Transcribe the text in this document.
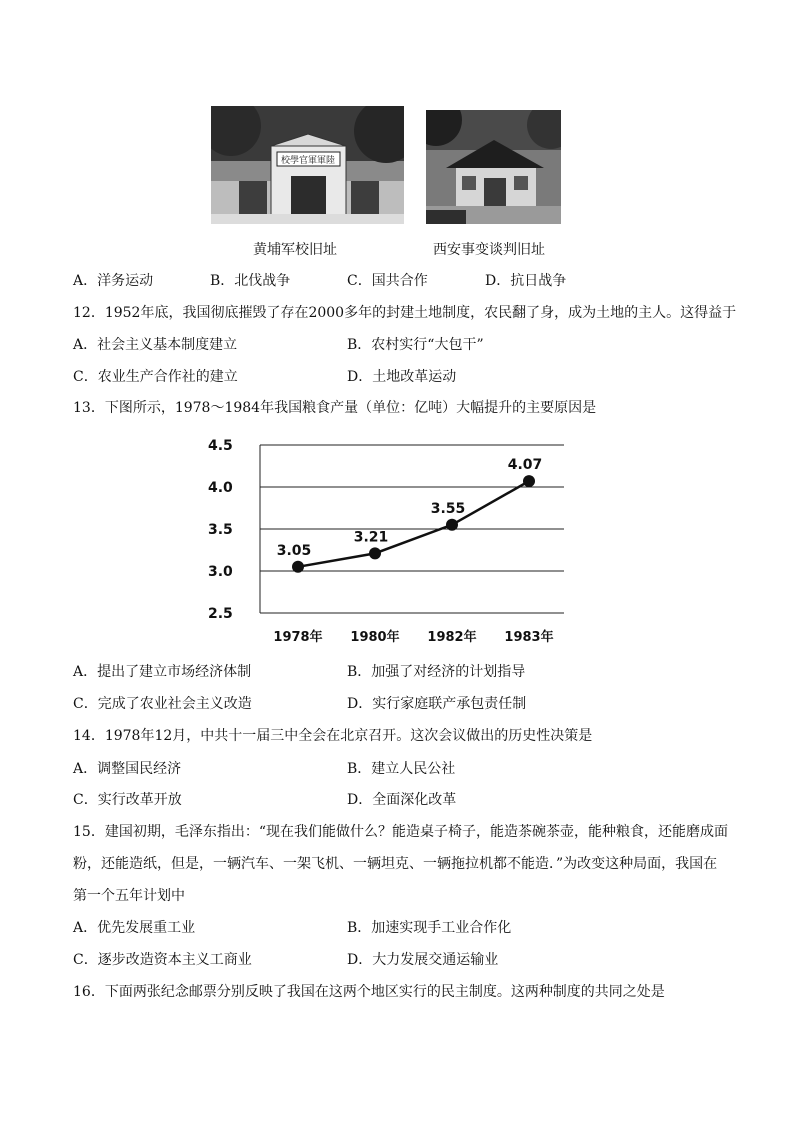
校學官軍軍陸
黄埔军校旧址	西安事变谈判旧址
A．洋务运动	B．北伐战争	C．国共合作	D．抗日战争
12．1952年底，我国彻底摧毁了存在2000多年的封建土地制度，农民翻了身，成为土地的主人。这得益于
A．社会主义基本制度建立	B．农村实行“大包干”
C．农业生产合作社的建立	D．土地改革运动
13．下图所示，1978～1984年我国粮食产量（单位：亿吨）大幅提升的主要原因是
4.5
4.0
3.5
3.0
2.5
1978年 1980年 1982年 1983年
3.05
3.21
3.55
4.07
A．提出了建立市场经济体制	B．加强了对经济的计划指导
C．完成了农业社会主义改造	D．实行家庭联产承包责任制
14．1978年12月，中共十一届三中全会在北京召开。这次会议做出的历史性决策是
A．调整国民经济	B．建立人民公社
C．实行改革开放	D．全面深化改革
15．建国初期，毛泽东指出：“现在我们能做什么？能造桌子椅子，能造茶碗茶壶，能种粮食，还能磨成面
粉，还能造纸，但是，一辆汽车、一架飞机、一辆坦克、一辆拖拉机都不能造．”为改变这种局面，我国在
第一个五年计划中
A．优先发展重工业	B．加速实现手工业合作化
C．逐步改造资本主义工商业	D．大力发展交通运输业
16．下面两张纪念邮票分别反映了我国在这两个地区实行的民主制度。这两种制度的共同之处是
